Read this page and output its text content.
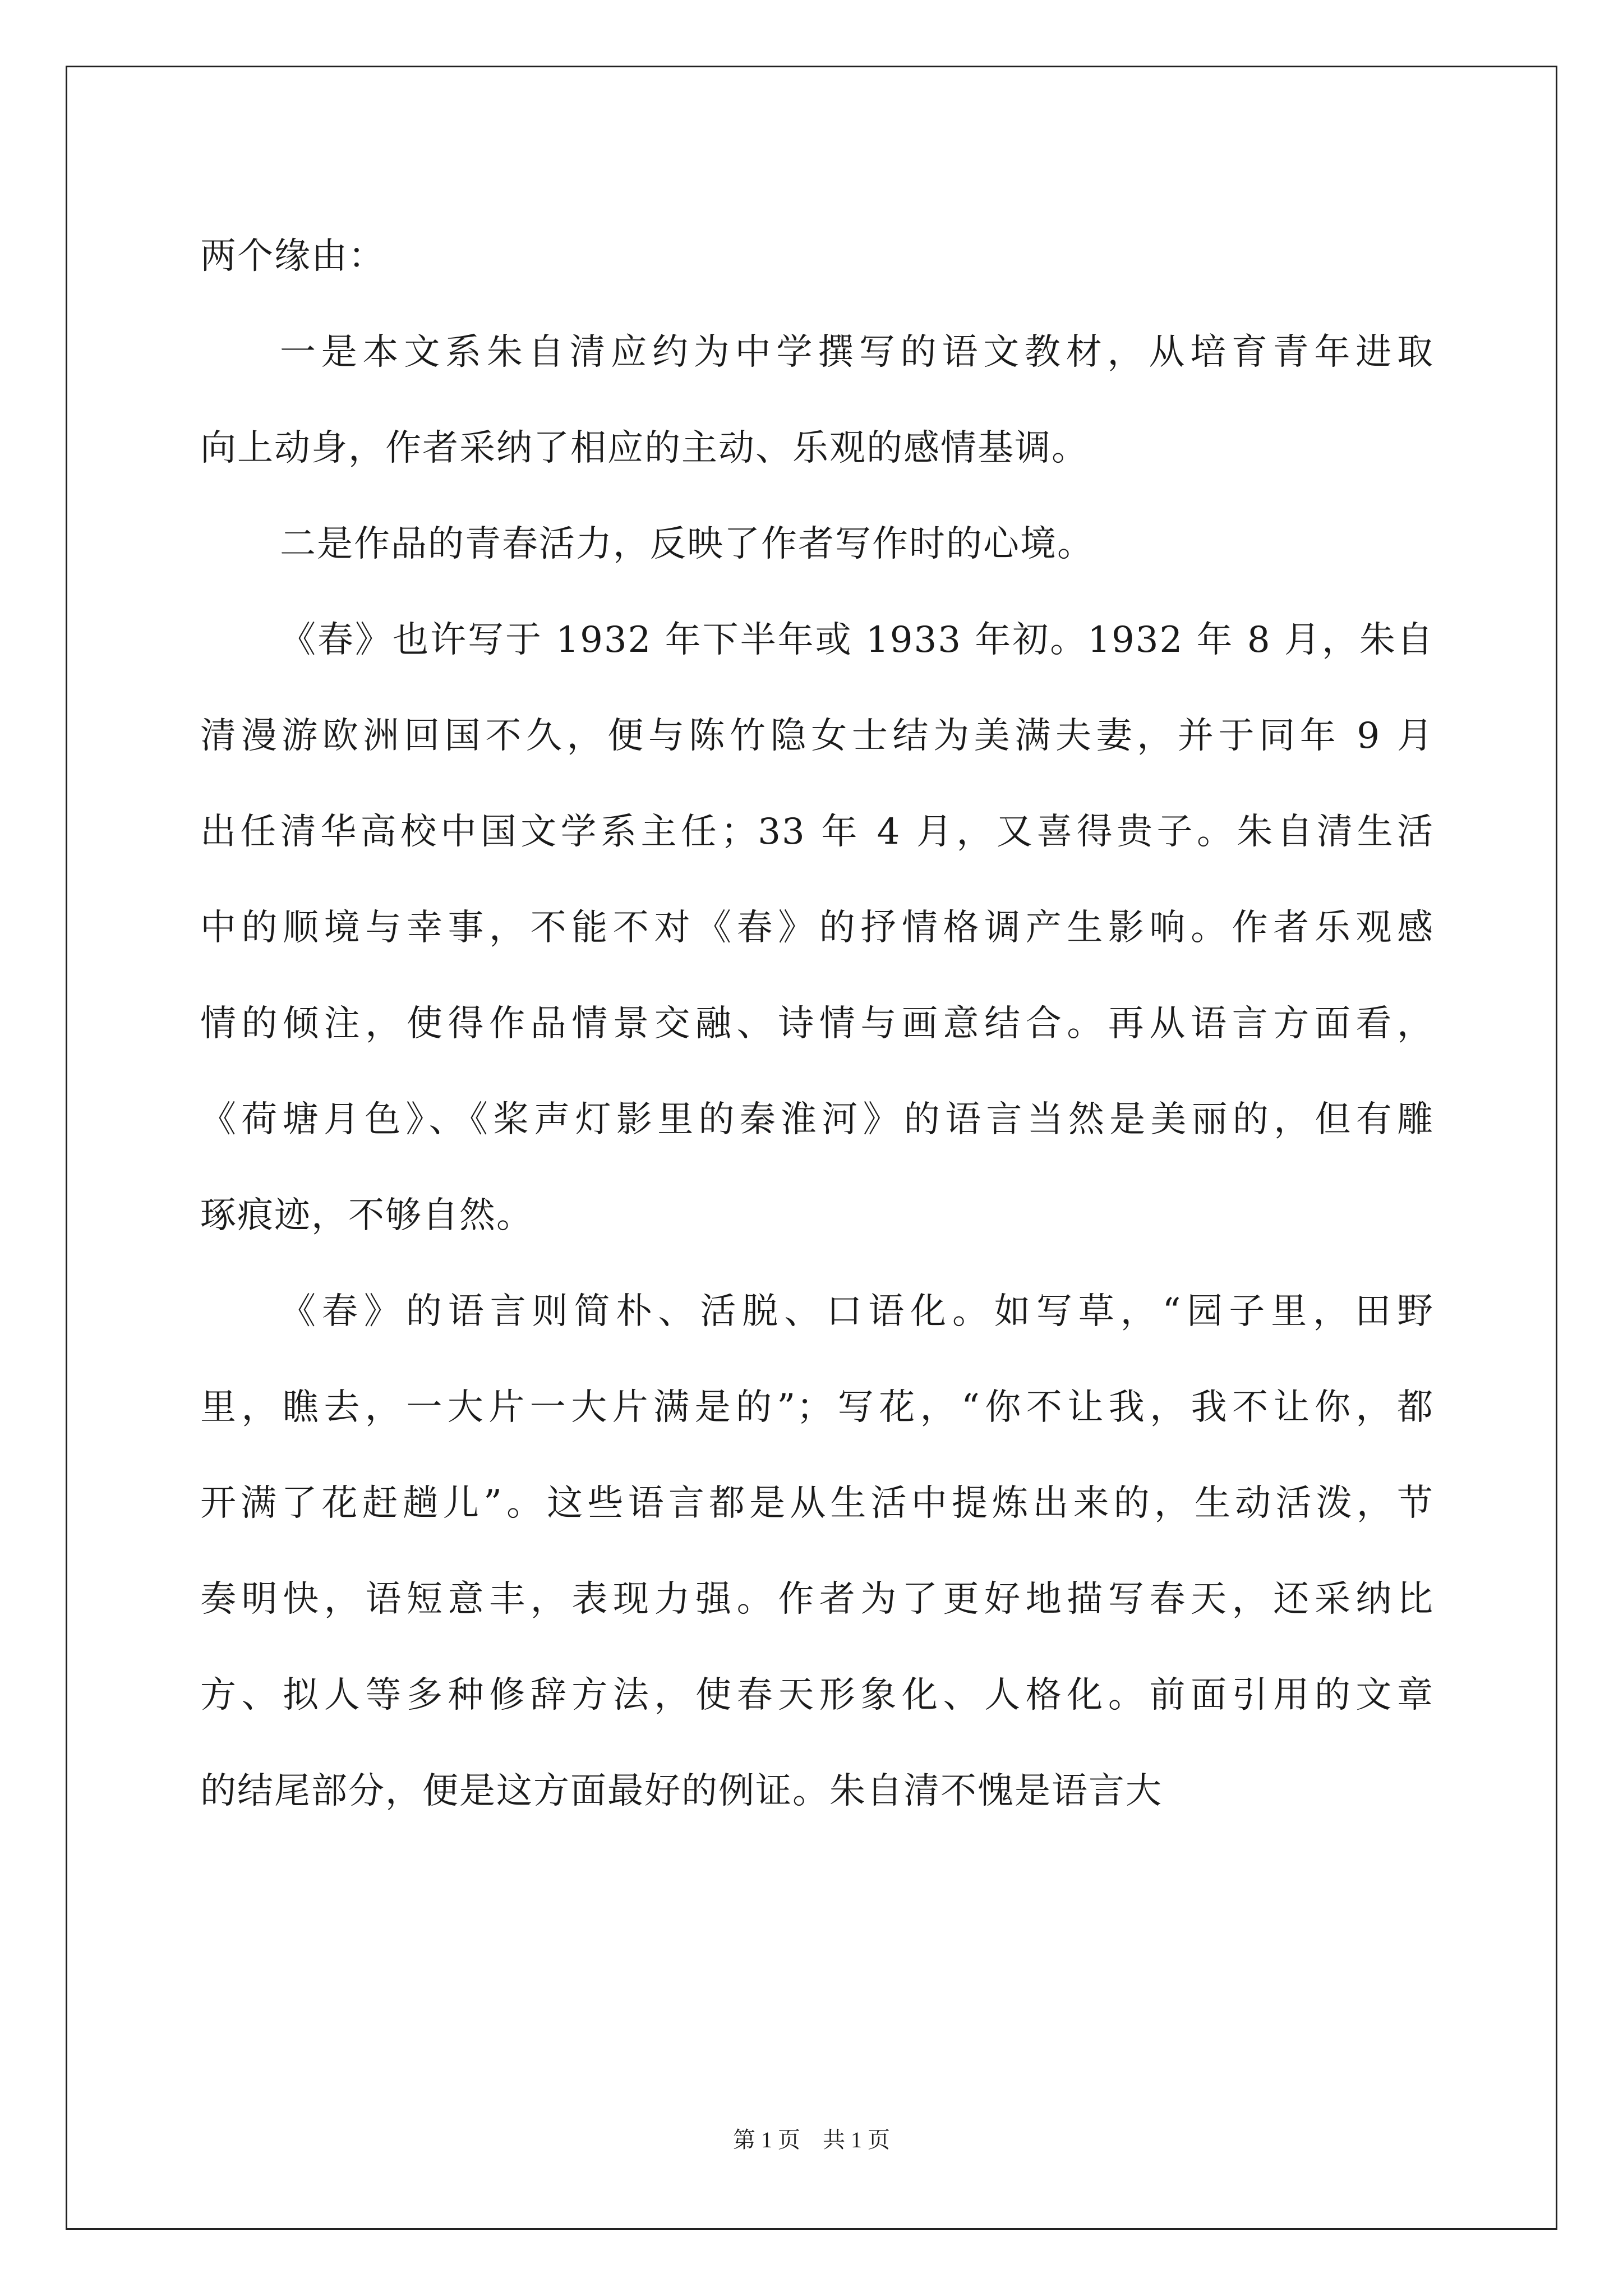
两个缘由：
一是本文系朱自清应约为中学撰写的语文教材，从培育青年进取
向上动身，作者采纳了相应的主动、乐观的感情基调。
二是作品的青春活力，反映了作者写作时的心境。
《春》也许写于 1932 年下半年或 1933 年初。1932 年 8 月，朱自
清漫游欧洲回国不久，便与陈竹隐女士结为美满夫妻，并于同年 9 月
出任清华高校中国文学系主任；33 年 4 月，又喜得贵子。朱自清生活
中的顺境与幸事，不能不对《春》的抒情格调产生影响。作者乐观感
情的倾注，使得作品情景交融、诗情与画意结合。再从语言方面看，
《荷塘月色》、《桨声灯影里的秦淮河》的语言当然是美丽的，但有雕
琢痕迹，不够自然。
《春》的语言则简朴、活脱、口语化。如写草，“园子里，田野
里，瞧去，一大片一大片满是的”；写花，“你不让我，我不让你，都
开满了花赶趟儿”。这些语言都是从生活中提炼出来的，生动活泼，节
奏明快，语短意丰，表现力强。作者为了更好地描写春天，还采纳比
方、拟人等多种修辞方法，使春天形象化、人格化。前面引用的文章
的结尾部分，便是这方面最好的例证。朱自清不愧是语言大
第 1 页　共 1 页
